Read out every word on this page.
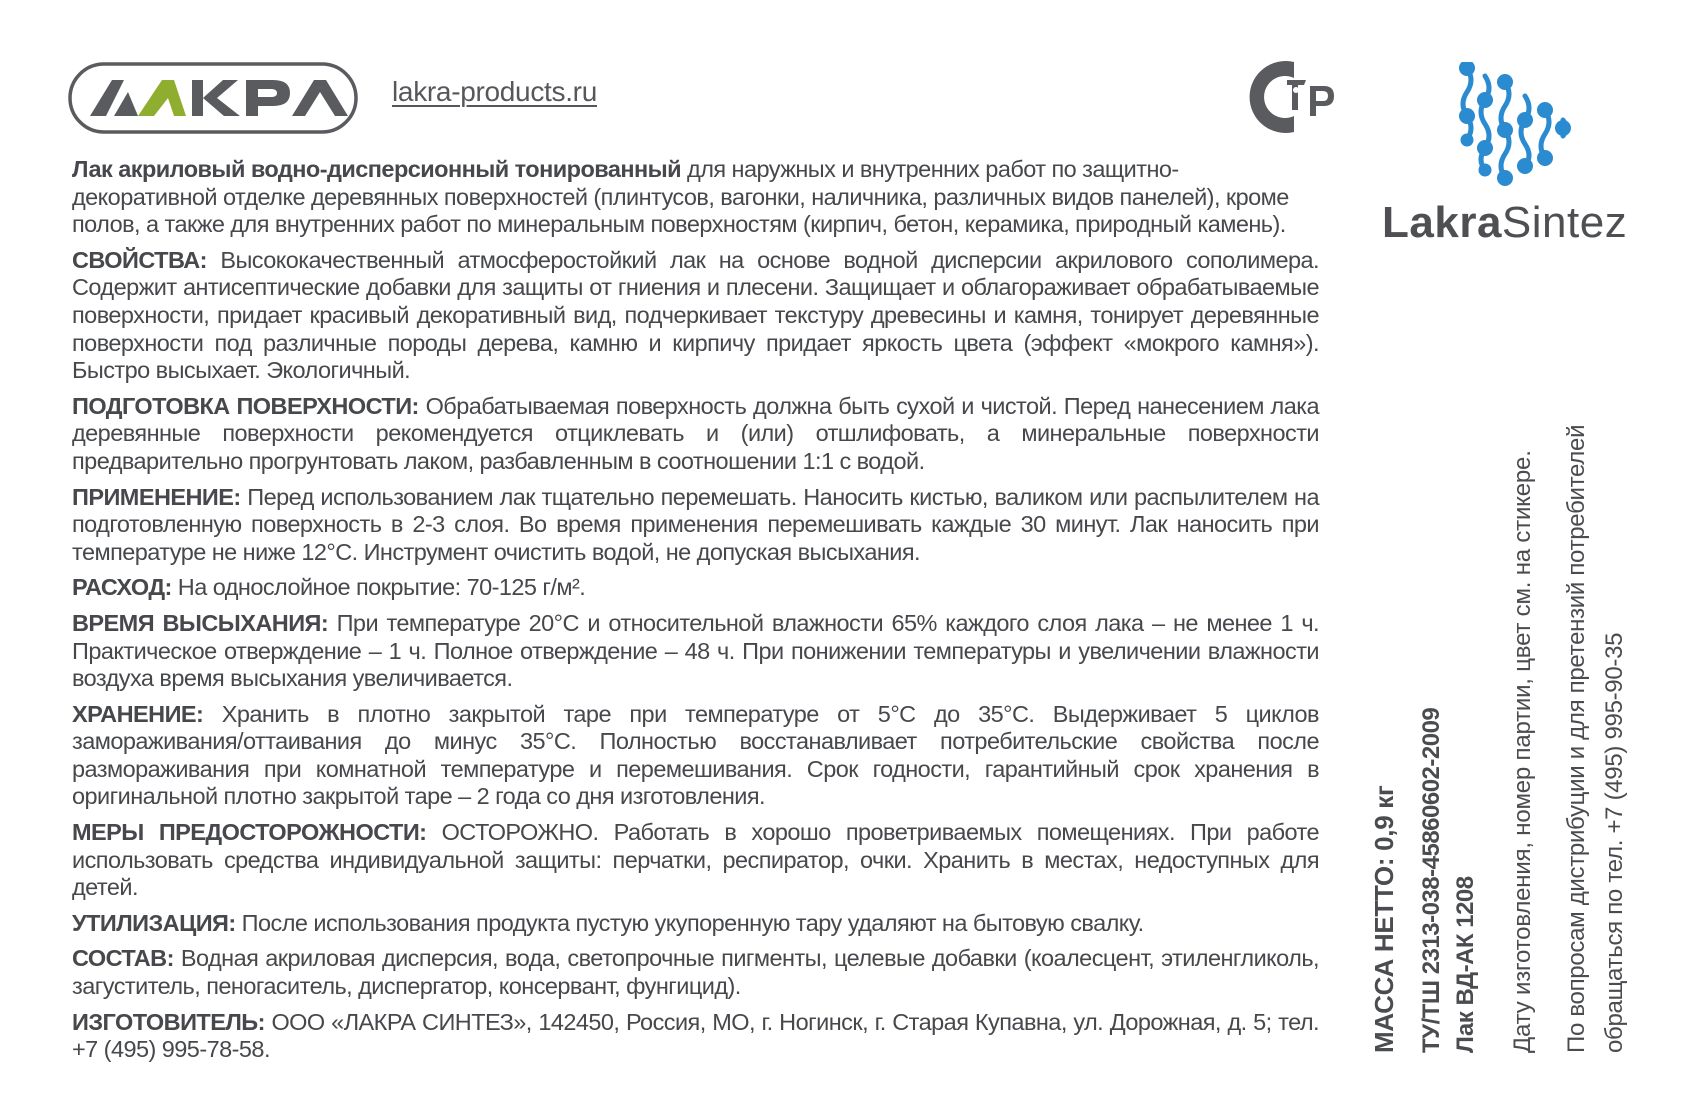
lakra-products.ru
LakraSintez

Лак акриловый водно-дисперсионный тонированный для наружных и внутренних работ по защитно-декоративной отделке деревянных поверхностей (плинтусов, вагонки, наличника, различных видов панелей), кроме полов, а также для внутренних работ по минеральным поверхностям (кирпич, бетон, керамика, природный камень).

СВОЙСТВА: Высококачественный атмосферостойкий лак на основе водной дисперсии акрилового сополимера. Содержит антисептические добавки для защиты от гниения и плесени. Защищает и облагораживает обрабатываемые поверхности, придает красивый декоративный вид, подчеркивает текстуру древесины и камня, тонирует деревянные поверхности под различные породы дерева, камню и кирпичу придает яркость цвета (эффект «мокрого камня»). Быстро высыхает. Экологичный.

ПОДГОТОВКА ПОВЕРХНОСТИ: Обрабатываемая поверхность должна быть сухой и чистой. Перед нанесением лака деревянные поверхности рекомендуется отциклевать и (или) отшлифовать, а минеральные поверхности предварительно прогрунтовать лаком, разбавленным в соотношении 1:1 с водой.

ПРИМЕНЕНИЕ: Перед использованием лак тщательно перемешать. Наносить кистью, валиком или распылителем на подготовленную поверхность в 2-3 слоя. Во время применения перемешивать каждые 30 минут. Лак наносить при температуре не ниже 12°С. Инструмент очистить водой, не допуская высыхания.

РАСХОД: На однослойное покрытие: 70-125 г/м².

ВРЕМЯ ВЫСЫХАНИЯ: При температуре 20°С и относительной влажности 65% каждого слоя лака – не менее 1 ч. Практическое отверждение – 1 ч. Полное отверждение – 48 ч. При понижении температуры и увеличении влажности воздуха время высыхания увеличивается.

ХРАНЕНИЕ: Хранить в плотно закрытой таре при температуре от 5°С до 35°С. Выдерживает 5 циклов замораживания/оттаивания до минус 35°С. Полностью восстанавливает потребительские свойства после размораживания при комнатной температуре и перемешивания. Срок годности, гарантийный срок хранения в оригинальной плотно закрытой таре – 2 года со дня изготовления.

МЕРЫ ПРЕДОСТОРОЖНОСТИ: ОСТОРОЖНО. Работать в хорошо проветриваемых помещениях. При работе использовать средства индивидуальной защиты: перчатки, респиратор, очки. Хранить в местах, недоступных для детей.

УТИЛИЗАЦИЯ: После использования продукта пустую укупоренную тару удаляют на бытовую свалку.

СОСТАВ: Водная акриловая дисперсия, вода, светопрочные пигменты, целевые добавки (коалесцент, этиленгликоль, загуститель, пеногаситель, диспергатор, консервант, фунгицид).

ИЗГОТОВИТЕЛЬ: ООО «ЛАКРА СИНТЕЗ», 142450, Россия, МО, г. Ногинск, г. Старая Купавна, ул. Дорожная, д. 5; тел. +7 (495) 995-78-58.	МАССА НЕТТО: 0,9 кг ТУ/ТШ 2313-038-45860602-2009 Лак ВД-АК 1208 Дату изготовления, номер партии, цвет см. на стикере. По вопросам дистрибуции и для претензий потребителей обращаться по тел. +7 (495) 995-90-35
